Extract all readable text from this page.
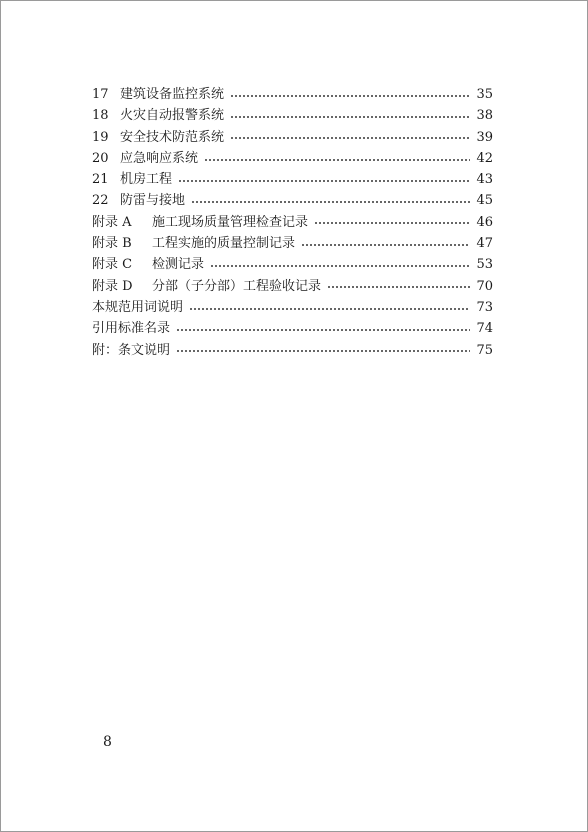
17 建筑设备监控系统	35
18 火灾自动报警系统	38
19 安全技术防范系统	39
20 应急响应系统	42
21 机房工程	43
22 防雷与接地	45
附录 A 施工现场质量管理检查记录	46
附录 B 工程实施的质量控制记录	47
附录 C 检测记录	53
附录 D 分部（子分部）工程验收记录	70
本规范用词说明	73
引用标准名录	74
附：条文说明	75
8
